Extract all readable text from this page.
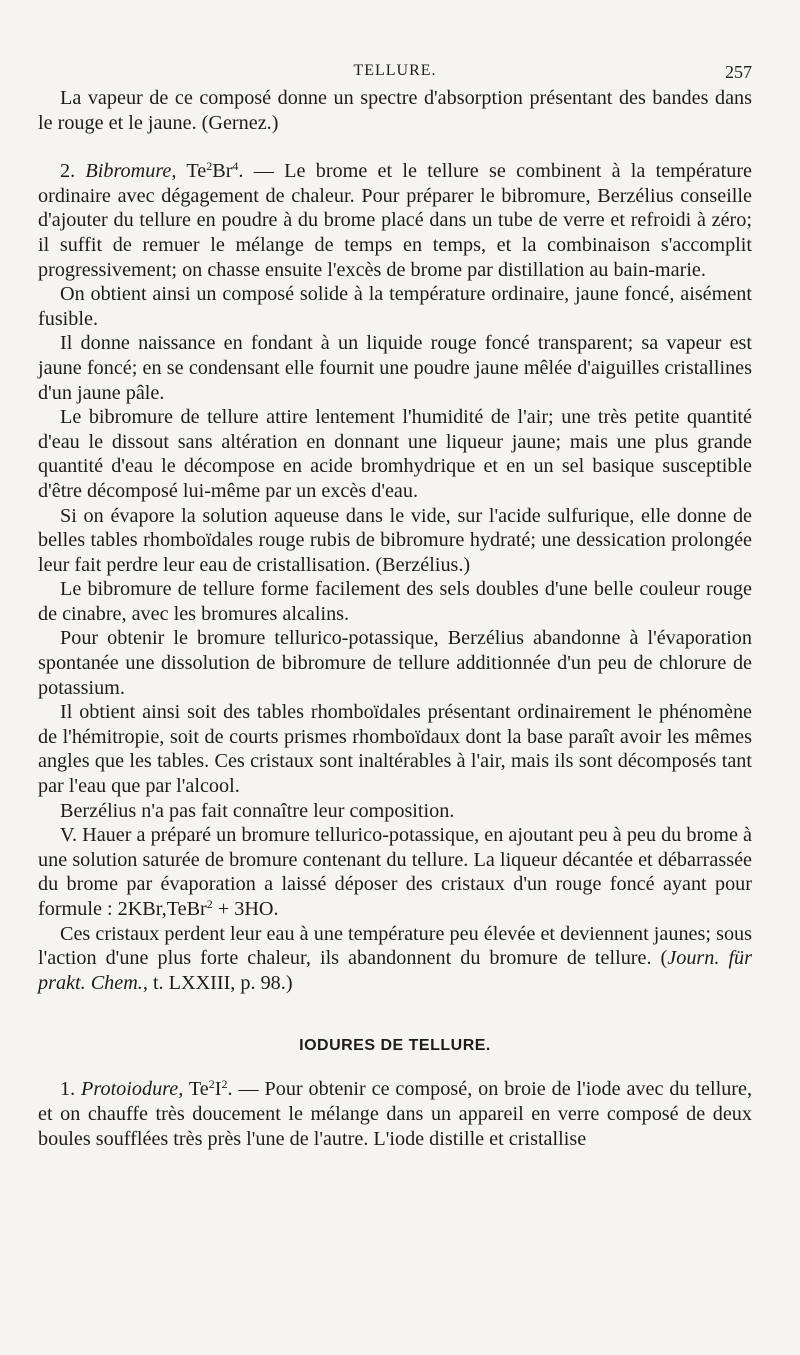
TELLURE.	257

La vapeur de ce composé donne un spectre d'absorption présentant des bandes dans le rouge et le jaune. (Gernez.)

2. Bibromure, Te$^2$Br$^4$. — Le brome et le tellure se combinent à la température ordinaire avec dégagement de chaleur. Pour préparer le bibromure, Berzélius conseille d'ajouter du tellure en poudre à du brome placé dans un tube de verre et refroidi à zéro; il suffit de remuer le mélange de temps en temps, et la combinaison s'accomplit progressivement; on chasse ensuite l'excès de brome par distillation au bain-marie.

On obtient ainsi un composé solide à la température ordinaire, jaune foncé, aisément fusible.

Il donne naissance en fondant à un liquide rouge foncé transparent; sa vapeur est jaune foncé; en se condensant elle fournit une poudre jaune mêlée d'aiguilles cristallines d'un jaune pâle.

Le bibromure de tellure attire lentement l'humidité de l'air; une très petite quantité d'eau le dissout sans altération en donnant une liqueur jaune; mais une plus grande quantité d'eau le décompose en acide bromhydrique et en un sel basique susceptible d'être décomposé lui-même par un excès d'eau.

Si on évapore la solution aqueuse dans le vide, sur l'acide sulfurique, elle donne de belles tables rhomboïdales rouge rubis de bibromure hydraté; une dessication prolongée leur fait perdre leur eau de cristallisation. (Berzélius.)

Le bibromure de tellure forme facilement des sels doubles d'une belle couleur rouge de cinabre, avec les bromures alcalins.

Pour obtenir le bromure tellurico-potassique, Berzélius abandonne à l'évaporation spontanée une dissolution de bibromure de tellure additionnée d'un peu de chlorure de potassium.

Il obtient ainsi soit des tables rhomboïdales présentant ordinairement le phénomène de l'hémitropie, soit de courts prismes rhomboïdaux dont la base paraît avoir les mêmes angles que les tables. Ces cristaux sont inaltérables à l'air, mais ils sont décomposés tant par l'eau que par l'alcool.

Berzélius n'a pas fait connaître leur composition.

V. Hauer a préparé un bromure tellurico-potassique, en ajoutant peu à peu du brome à une solution saturée de bromure contenant du tellure. La liqueur décantée et débarrassée du brome par évaporation a laissé déposer des cristaux d'un rouge foncé ayant pour formule : 2KBr,TeBr$^2$ + 3HO.

Ces cristaux perdent leur eau à une température peu élevée et deviennent jaunes; sous l'action d'une plus forte chaleur, ils abandonnent du bromure de tellure. (Journ. für prakt. Chem., t. LXXIII, p. 98.)

IODURES DE TELLURE.

1. Protoiodure, $Te^2I^2$. — Pour obtenir ce composé, on broie de l'iode avec du tellure, et on chauffe très doucement le mélange dans un appareil en verre composé de deux boules soufflées très près l'une de l'autre. L'iode distille et cristallise
